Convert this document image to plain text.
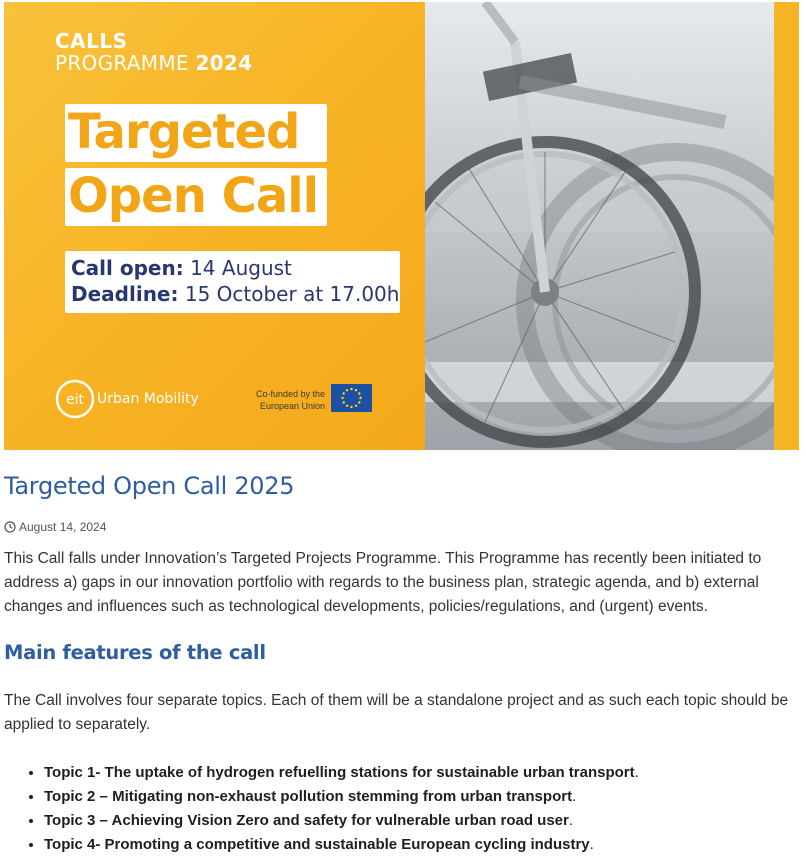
CALLS
PROGRAMME 2024
Targeted
Open Call
Call open: 14 August
Deadline: 15 October at 17.00h
eit Urban Mobility	Co-funded by the
European Union
Targeted Open Call 2025
August 14, 2024

This Call falls under Innovation’s Targeted Projects Programme. This Programme has recently been initiated to address a) gaps in our innovation portfolio with regards to the business plan, strategic agenda, and b) external changes and influences such as technological developments, policies/regulations, and (urgent) events.

Main features of the call

The Call involves four separate topics. Each of them will be a standalone project and as such each topic should be applied to separately.

• Topic 1- The uptake of hydrogen refuelling stations for sustainable urban transport.
• Topic 2 – Mitigating non-exhaust pollution stemming from urban transport.
• Topic 3 – Achieving Vision Zero and safety for vulnerable urban road user.
• Topic 4- Promoting a competitive and sustainable European cycling industry.
